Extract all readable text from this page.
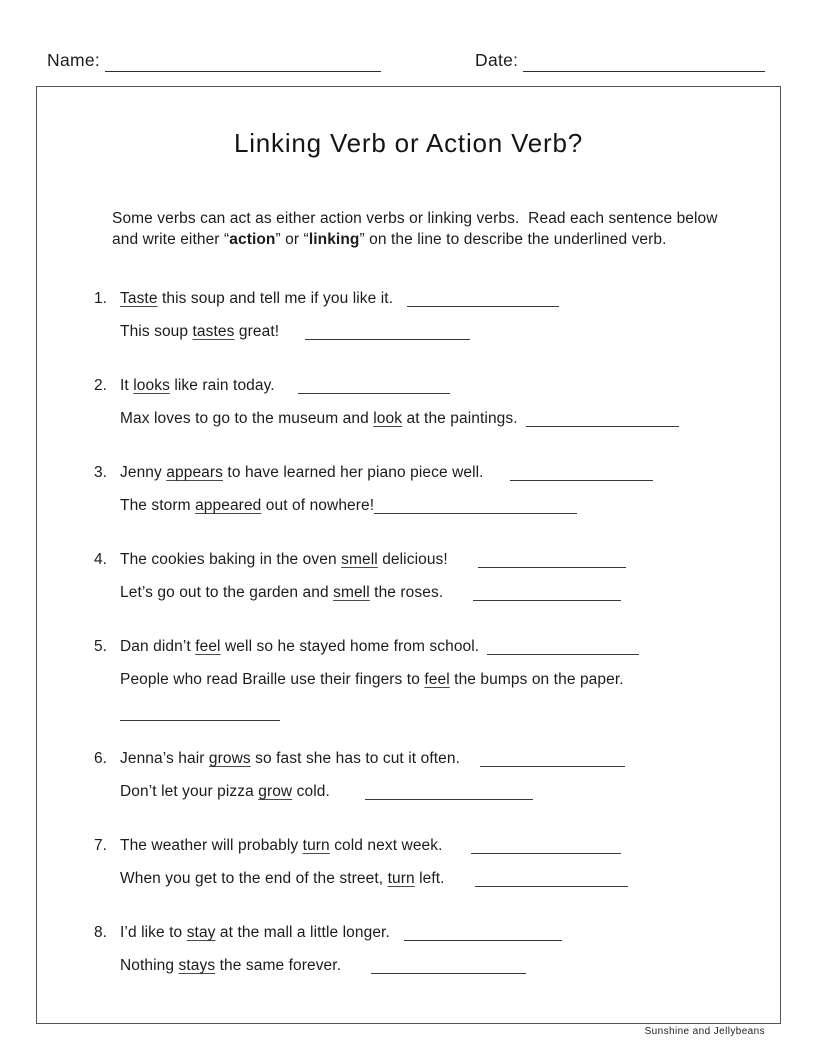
Name:	Date:
Linking Verb or Action Verb?

Some verbs can act as either action verbs or linking verbs.  Read each sentence below and write either “action” or “linking” on the line to describe the underlined verb.

1. Taste this soup and tell me if you like it.
This soup tastes great!
2. It looks like rain today.
Max loves to go to the museum and look at the paintings.
3. Jenny appears to have learned her piano piece well.
The storm appeared out of nowhere!
4. The cookies baking in the oven smell delicious!
Let’s go out to the garden and smell the roses.
5. Dan didn’t feel well so he stayed home from school.
People who read Braille use their fingers to feel the bumps on the paper.
6. Jenna’s hair grows so fast she has to cut it often.
Don’t let your pizza grow cold.
7. The weather will probably turn cold next week.
When you get to the end of the street, turn left.
8. I’d like to stay at the mall a little longer.
Nothing stays the same forever.
Sunshine and Jellybeans
